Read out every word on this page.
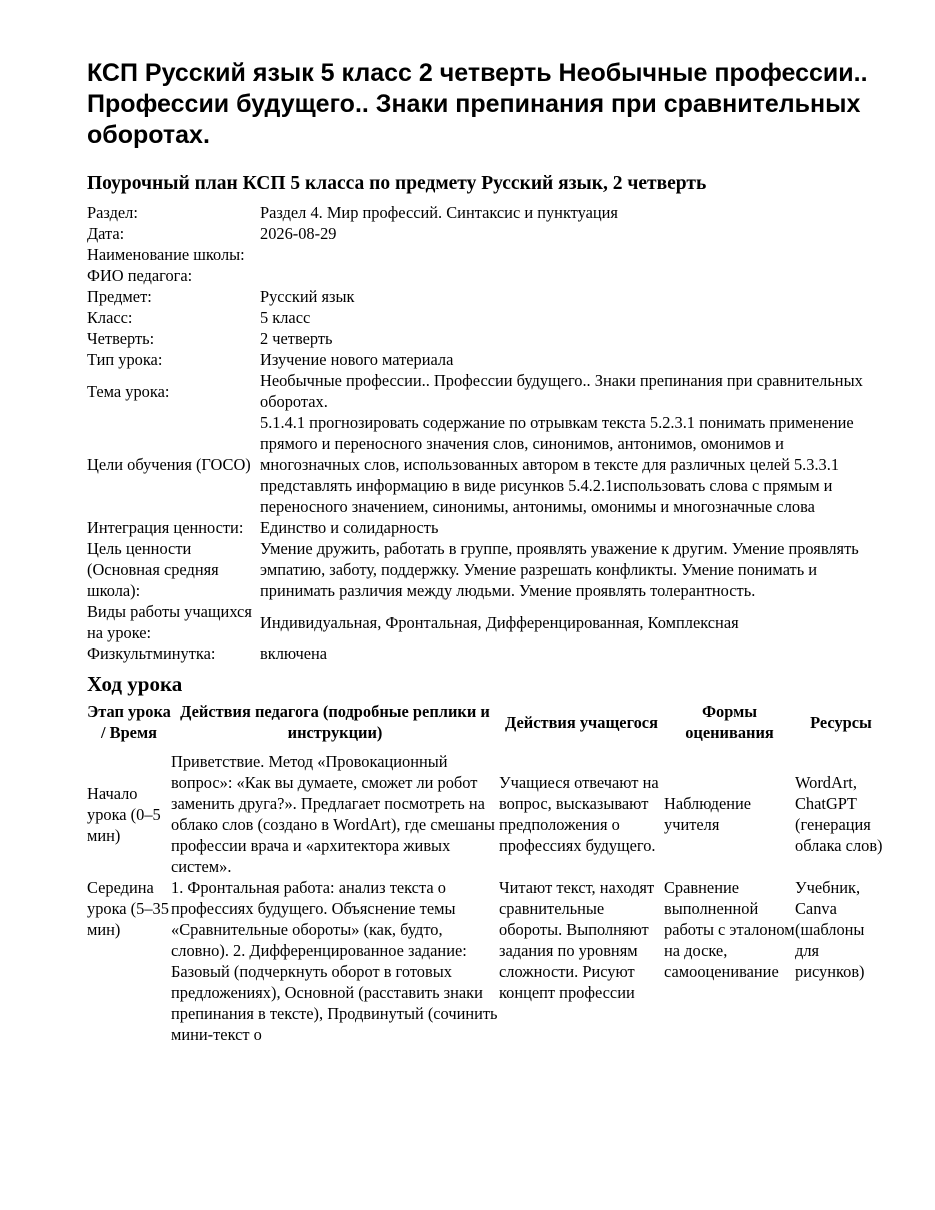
КСП Русский язык 5 класс 2 четверть Необычные профессии.. Профессии будущего.. Знаки препинания при сравнительных оборотах.
Поурочный план КСП 5 класса по предмету Русский язык, 2 четверть
Раздел:	Раздел 4. Мир профессий. Синтаксис и пунктуация
Дата:	2026-08-29
Наименование школы:	
ФИО педагога:	
Предмет:	Русский язык
Класс:	5 класс
Четверть:	2 четверть
Тип урока:	Изучение нового материала
Тема урока:	Необычные профессии.. Профессии будущего.. Знаки препинания при сравнительных оборотах.
Цели обучения (ГОСО)	5.1.4.1 прогнозировать содержание по отрывкам текста 5.2.3.1 понимать применение прямого и переносного значения слов, синонимов, антонимов, омонимов и многозначных слов, использованных автором в тексте для различных целей 5.3.3.1 представлять информацию в виде рисунков 5.4.2.1использовать слова с прямым и переносного значением, синонимы, антонимы, омонимы и многозначные слова
Интеграция ценности:	Единство и солидарность
Цель ценности (Основная средняя школа):	Умение дружить, работать в группе, проявлять уважение к другим. Умение проявлять эмпатию, заботу, поддержку. Умение разрешать конфликты. Умение понимать и принимать различия между людьми. Умение проявлять толерантность.
Виды работы учащихся на уроке:	Индивидуальная, Фронтальная, Дифференцированная, Комплексная
Физкультминутка:	включена
Ход урока
Этап урока / Время	Действия педагога (подробные реплики и инструкции)	Действия учащегося	Формы оценивания	Ресурсы
Начало урока (0–5 мин)	Приветствие. Метод «Провокационный вопрос»: «Как вы думаете, сможет ли робот заменить друга?». Предлагает посмотреть на облако слов (создано в WordArt), где смешаны профессии врача и «архитектора живых систем».	Учащиеся отвечают на вопрос, высказывают предположения о профессиях будущего.	Наблюдение учителя	WordArt, ChatGPT (генерация облака слов)
Середина урока (5–35 мин)	1. Фронтальная работа: анализ текста о профессиях будущего. Объяснение темы «Сравнительные обороты» (как, будто, словно). 2. Дифференцированное задание: Базовый (подчеркнуть оборот в готовых предложениях), Основной (расставить знаки препинания в тексте), Продвинутый (сочинить мини-текст о	Читают текст, находят сравнительные обороты. Выполняют задания по уровням сложности. Рисуют концепт профессии	Сравнение выполненной работы с эталоном на доске, самооценивание	Учебник, Canva (шаблоны для рисунков)
